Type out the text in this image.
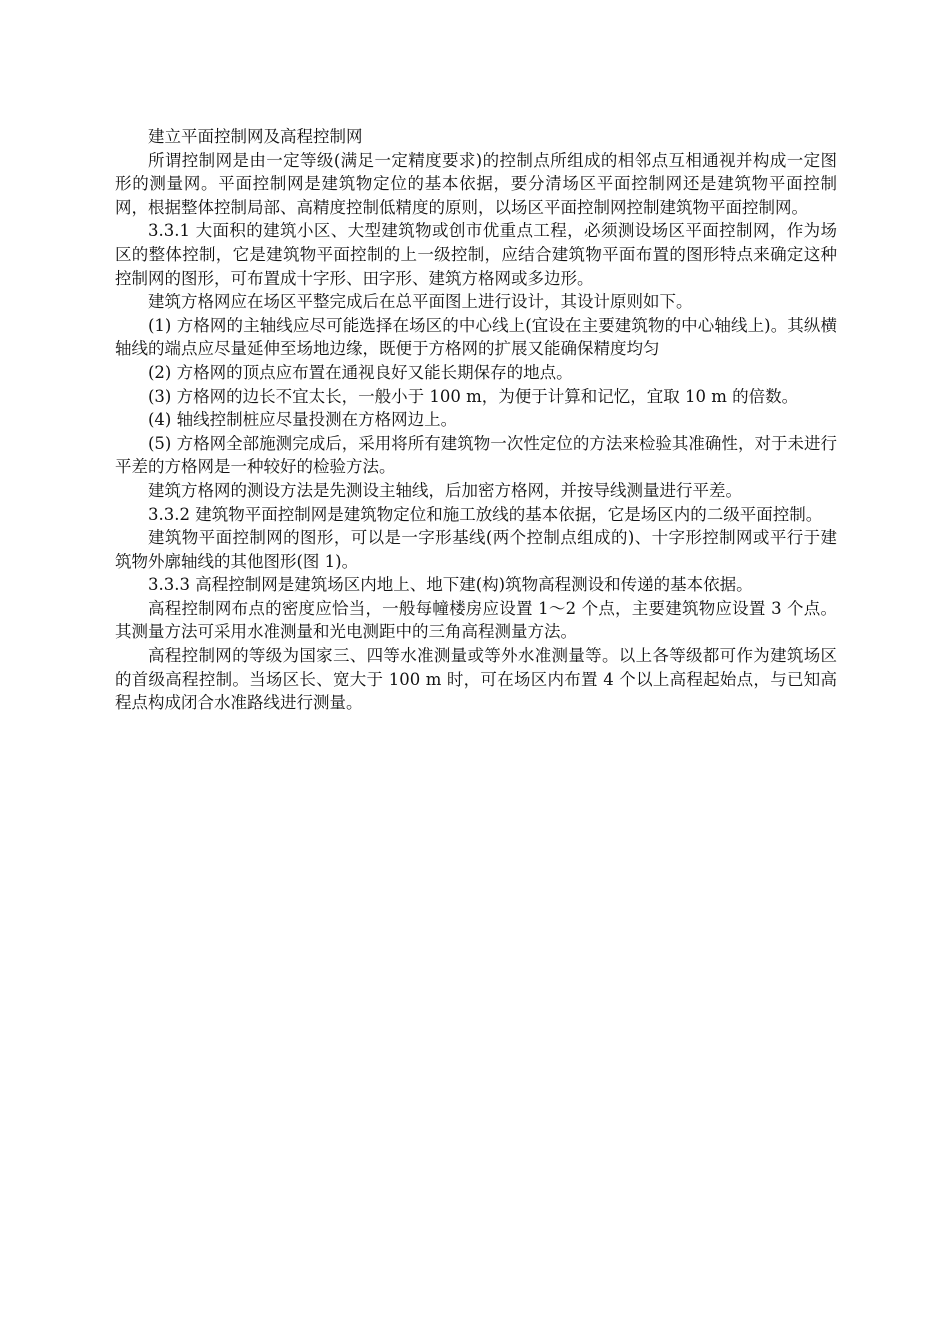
建立平面控制网及高程控制网

所谓控制网是由一定等级(满足一定精度要求)的控制点所组成的相邻点互相通视并构成一定图形的测量网。平面控制网是建筑物定位的基本依据，要分清场区平面控制网还是建筑物平面控制网，根据整体控制局部、高精度控制低精度的原则，以场区平面控制网控制建筑物平面控制网。

3.3.1 大面积的建筑小区、大型建筑物或创市优重点工程，必须测设场区平面控制网，作为场区的整体控制，它是建筑物平面控制的上一级控制，应结合建筑物平面布置的图形特点来确定这种控制网的图形，可布置成十字形、田字形、建筑方格网或多边形。

建筑方格网应在场区平整完成后在总平面图上进行设计，其设计原则如下。

(1) 方格网的主轴线应尽可能选择在场区的中心线上(宜设在主要建筑物的中心轴线上)。其纵横轴线的端点应尽量延伸至场地边缘，既便于方格网的扩展又能确保精度均匀

(2) 方格网的顶点应布置在通视良好又能长期保存的地点。

(3) 方格网的边长不宜太长，一般小于 100 m，为便于计算和记忆，宜取 10 m 的倍数。

(4) 轴线控制桩应尽量投测在方格网边上。

(5) 方格网全部施测完成后，采用将所有建筑物一次性定位的方法来检验其准确性，对于未进行平差的方格网是一种较好的检验方法。

建筑方格网的测设方法是先测设主轴线，后加密方格网，并按导线测量进行平差。

3.3.2 建筑物平面控制网是建筑物定位和施工放线的基本依据，它是场区内的二级平面控制。

建筑物平面控制网的图形，可以是一字形基线(两个控制点组成的)、十字形控制网或平行于建筑物外廓轴线的其他图形(图 1)。

3.3.3 高程控制网是建筑场区内地上、地下建(构)筑物高程测设和传递的基本依据。

高程控制网布点的密度应恰当，一般每幢楼房应设置 1～2 个点，主要建筑物应设置 3 个点。其测量方法可采用水准测量和光电测距中的三角高程测量方法。

高程控制网的等级为国家三、四等水准测量或等外水准测量等。以上各等级都可作为建筑场区的首级高程控制。当场区长、宽大于 100 m 时，可在场区内布置 4 个以上高程起始点，与已知高程点构成闭合水准路线进行测量。
